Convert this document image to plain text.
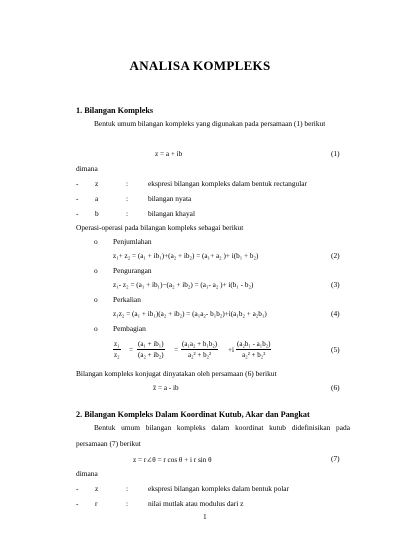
ANALISA KOMPLEKS
1. Bilangan Kompleks
Bentuk umum bilangan kompleks yang digunakan pada persamaan (1) berikut
z = a + ib	(1)
dimana
- z	:	ekspresi bilangan kompleks dalam bentuk rectangular
- a	:	bilangan nyata
- b	:	bilangan khayal
Operasi-operasi pada bilangan kompleks sebagai berikut
o Penjumlahan
z₁+ z₂ = (a₁ + ib₁)+(a₂ + ib₂) = (a₁+ a₂ )+ i(b₁ + b₂)	(2)
o Pengurangan
z₁- z₂ = (a₁ + ib₁)−(a₂ + ib₂) = (a₁- a₂ )+ i(b₁ - b₂)	(3)
o Perkalian
z₁z₂ = (a₁ + ib₁)(a₂ + ib₂) = (a₁a₂- b₁b₂)+i(a₁b₂ + a₂b₁)	(4)
o Pembagian
$\frac{\text{z₁}}{\text{z₂}} = \frac{\text{(a₁ + ib₁)}}{\text{(a₂ + ib₂)}} = \frac{\text{(a₁a₂ + b₁b₂)}}{\text{a₂² + b₂²}} +i \frac{\text{(a₂b₁ - a₁b₂)}}{\text{a₂² + b₂²}}$	(5)
Bilangan kompleks konjugat dinyatakan oleh persamaan (6) berikut
z̄ = a - ib	(6)
2. Bilangan Kompleks Dalam Koordinat Kutub, Akar dan Pangkat
Bentuk umum bilangan kompleks dalam koordinat kutub didefinisikan pada persamaan (7) berikut
z = r∠θ = r cos θ + i r sin θ	(7)
dimana
- z	:	ekspresi bilangan kompleks dalam bentuk polar
- r	:	nilai mutlak atau modulus dari z
1
